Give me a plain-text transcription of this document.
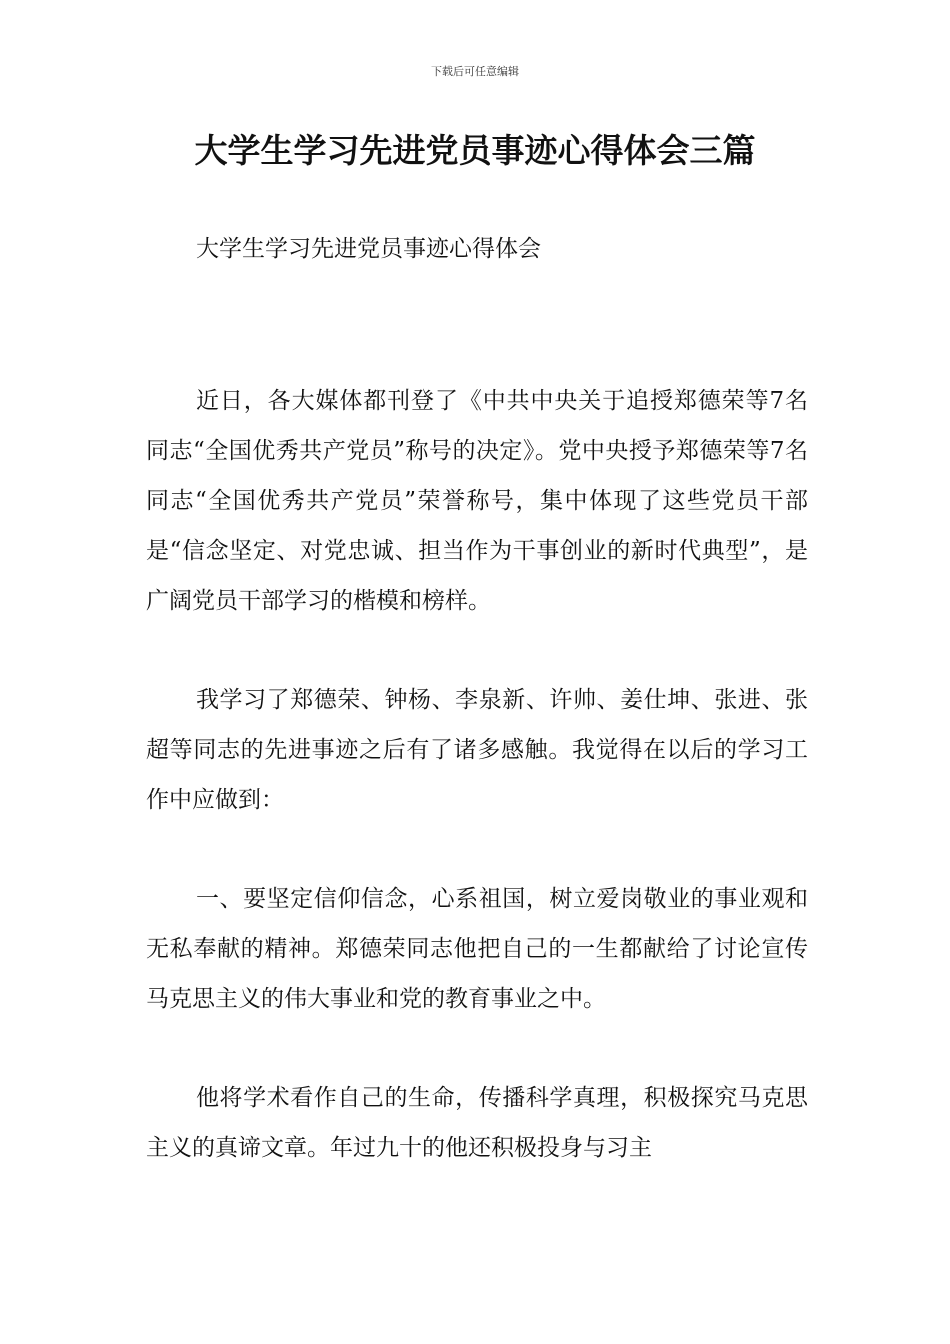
下载后可任意编辑
大学生学习先进党员事迹心得体会三篇

大学生学习先进党员事迹心得体会

近日，各大媒体都刊登了《中共中央关于追授郑德荣等7名同志“全国优秀共产党员”称号的决定》。党中央授予郑德荣等7名同志“全国优秀共产党员”荣誉称号，集中体现了这些党员干部是“信念坚定、对党忠诚、担当作为干事创业的新时代典型”，是广阔党员干部学习的楷模和榜样。

我学习了郑德荣、钟杨、李泉新、许帅、姜仕坤、张进、张超等同志的先进事迹之后有了诸多感触。我觉得在以后的学习工作中应做到：

一、要坚定信仰信念，心系祖国，树立爱岗敬业的事业观和无私奉献的精神。郑德荣同志他把自己的一生都献给了讨论宣传马克思主义的伟大事业和党的教育事业之中。

他将学术看作自己的生命，传播科学真理，积极探究马克思主义的真谛文章。年过九十的他还积极投身与习主
